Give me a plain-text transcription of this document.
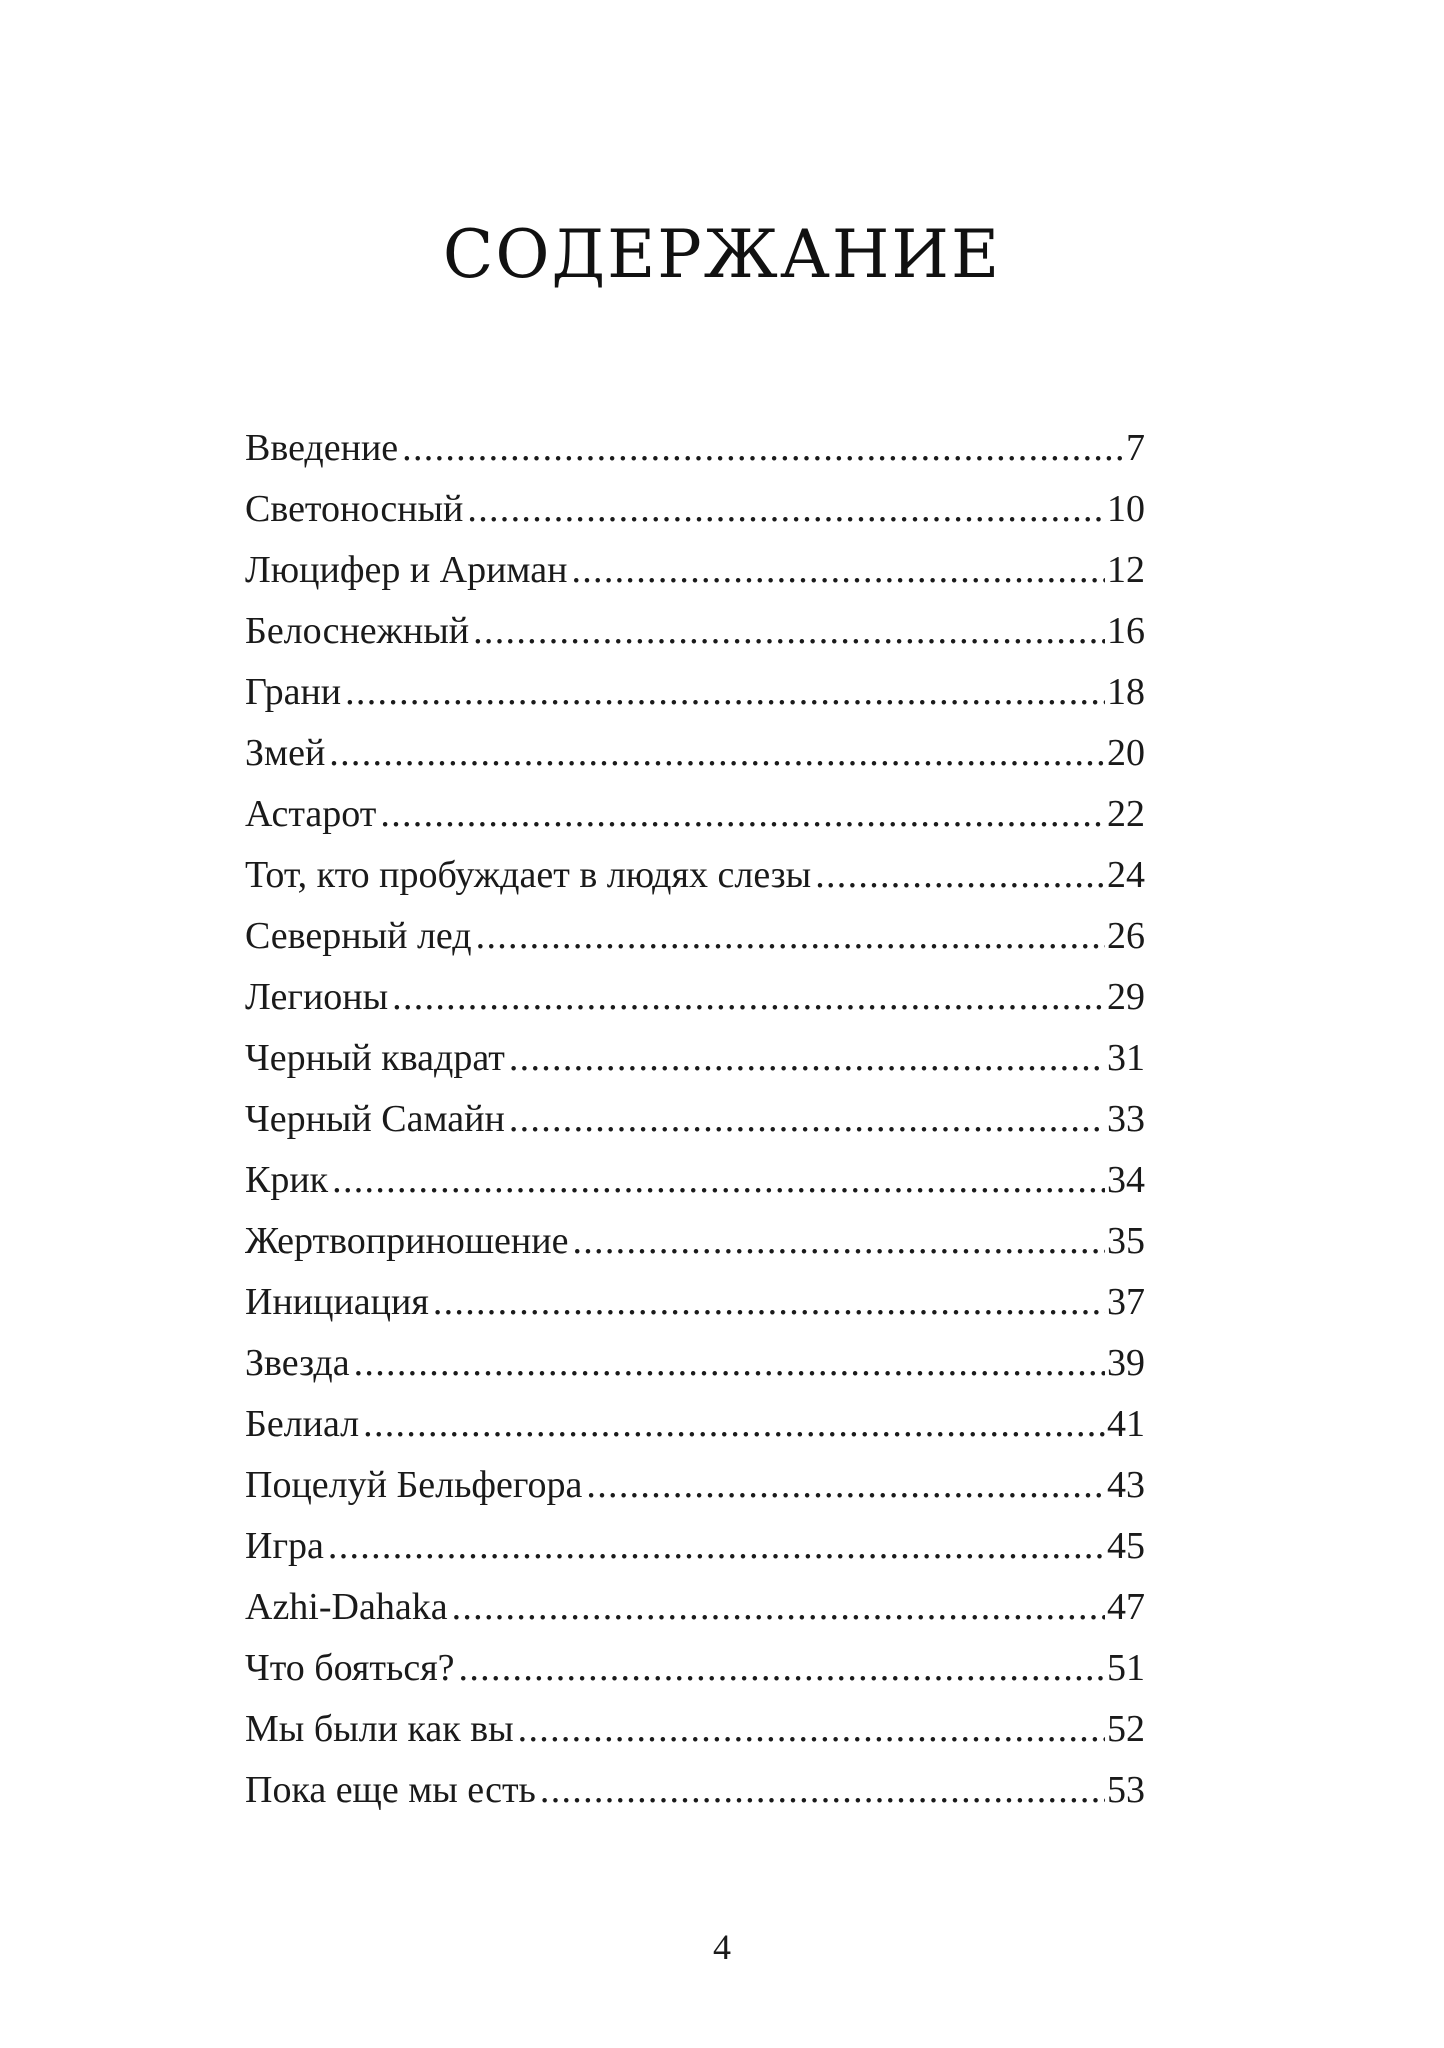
СОДЕРЖАНИЕ
Введение .....	7
Светоносный .....	10
Люцифер и Ариман .....	12
Белоснежный .....	16
Грани .....	18
Змей .....	20
Астарот .....	22
Тот, кто пробуждает в людях слезы .....	24
Северный лед .....	26
Легионы .....	29
Черный квадрат .....	31
Черный Самайн .....	33
Крик .....	34
Жертвоприношение .....	35
Инициация .....	37
Звезда .....	39
Белиал .....	41
Поцелуй Бельфегора .....	43
Игра .....	45
Azhi-Dahaka .....	47
Что бояться? .....	51
Мы были как вы .....	52
Пока еще мы есть .....	53

4
